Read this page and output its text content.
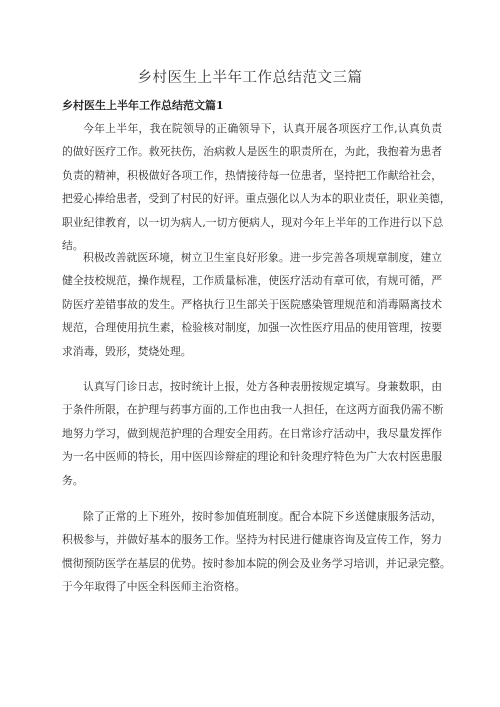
乡村医生上半年工作总结范文三篇
乡村医生上半年工作总结范文篇1
今年上半年，我在院领导的正确领导下，认真开展各项医疗工作,认真负责
的做好医疗工作。救死扶伤，治病救人是医生的职责所在，为此，我抱着为患者
负责的精神，积极做好各项工作，热情接待每一位患者，坚持把工作献给社会，
把爱心捧给患者，受到了村民的好评。重点强化以人为本的职业责任，职业美德，
职业纪律教育，以一切为病人,一切方便病人，现对今年上半年的工作进行以下总
结。
积极改善就医环境，树立卫生室良好形象。进一步完善各项规章制度，建立
健全技校规范，操作规程，工作质量标准，使医疗活动有章可依，有规可循，严
防医疗差错事故的发生。严格执行卫生部关于医院感染管理规范和消毒隔离技术
规范，合理使用抗生素，检验核对制度，加强一次性医疗用品的使用管理，按要
求消毒，毁形，焚烧处理。
认真写门诊日志，按时统计上报，处方各种表册按规定填写。身兼数职，由
于条件所限，在护理与药事方面的,工作也由我一人担任，在这两方面我仍需不断
地努力学习，做到规范护理的合理安全用药。在日常诊疗活动中，我尽量发挥作
为一名中医师的特长，用中医四诊辩症的理论和针灸理疗特色为广大农村医患服
务。
除了正常的上下班外，按时参加值班制度。配合本院下乡送健康服务活动，
积极参与，并做好基本的服务工作。坚持为村民进行健康咨询及宣传工作，努力
惯彻预防医学在基层的优势。按时参加本院的例会及业务学习培训，并记录完整。
于今年取得了中医全科医师主治资格。
